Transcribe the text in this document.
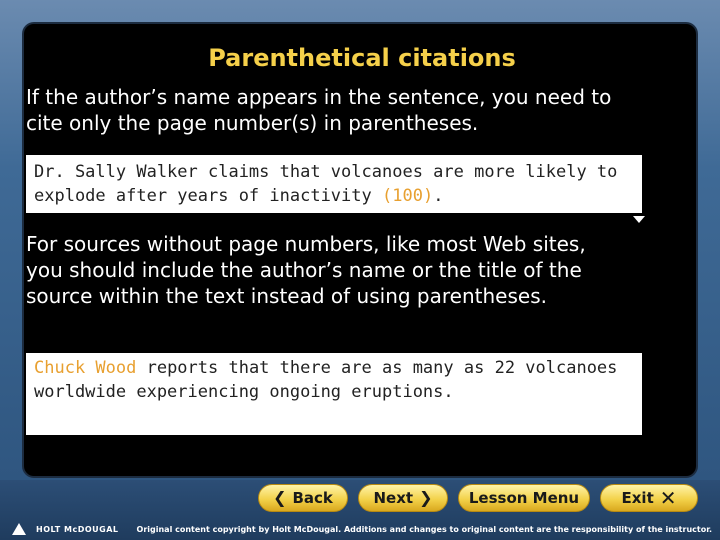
Parenthetical citations
If the author’s name appears in the sentence, you need to cite only the page number(s) in parentheses.
Dr. Sally Walker claims that volcanoes are more likely to explode after years of inactivity (100).
For sources without page numbers, like most Web sites, you should include the author’s name or the title of the source within the text instead of using parentheses.
Chuck Wood reports that there are as many as 22 volcanoes worldwide experiencing ongoing eruptions.
❮ Back	Next ❯ Lesson Menu	Exit ✕
HOLT McDOUGAL Original content copyright by Holt McDougal. Additions and changes to original content are the responsibility of the instructor.
